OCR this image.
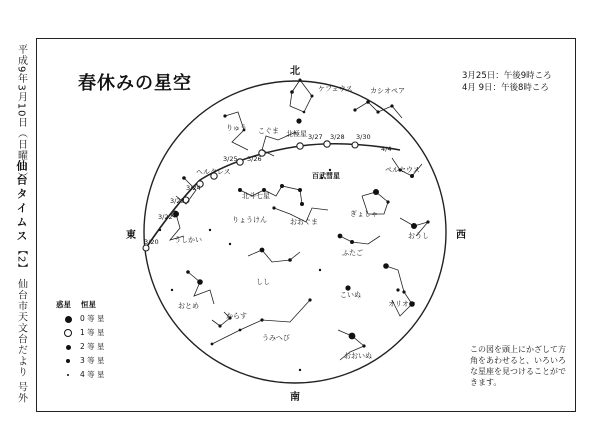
平成9年3月10日（日曜日）
仙台タイムス
【2】 仙台市天文台だより 号外
春休みの星空	3月25日：午後9時ころ
4月 9日：午後8時ころ
3/20
3/22
3/23
3/24
3/25 3/26
3/27 3/28 3/30
4/4
ケフェウス	カシオペア
こぐま 北極星
りゅう
ペルセウス
百武彗星
北斗七星
ヘルクレス
うしかい
りょうけん	おおぐま
ぎょしゃ
おうし
ふたご
しし
こいぬ
オリオン
おとめ
からす
うみへび
おおいぬ
北
南
東	西
惑星 恒星
0 等 星
1 等 星
2 等 星
3 等 星
4 等 星
この図を頭上にかざして方角をあわせると、いろいろな星座を見つけることができます。
